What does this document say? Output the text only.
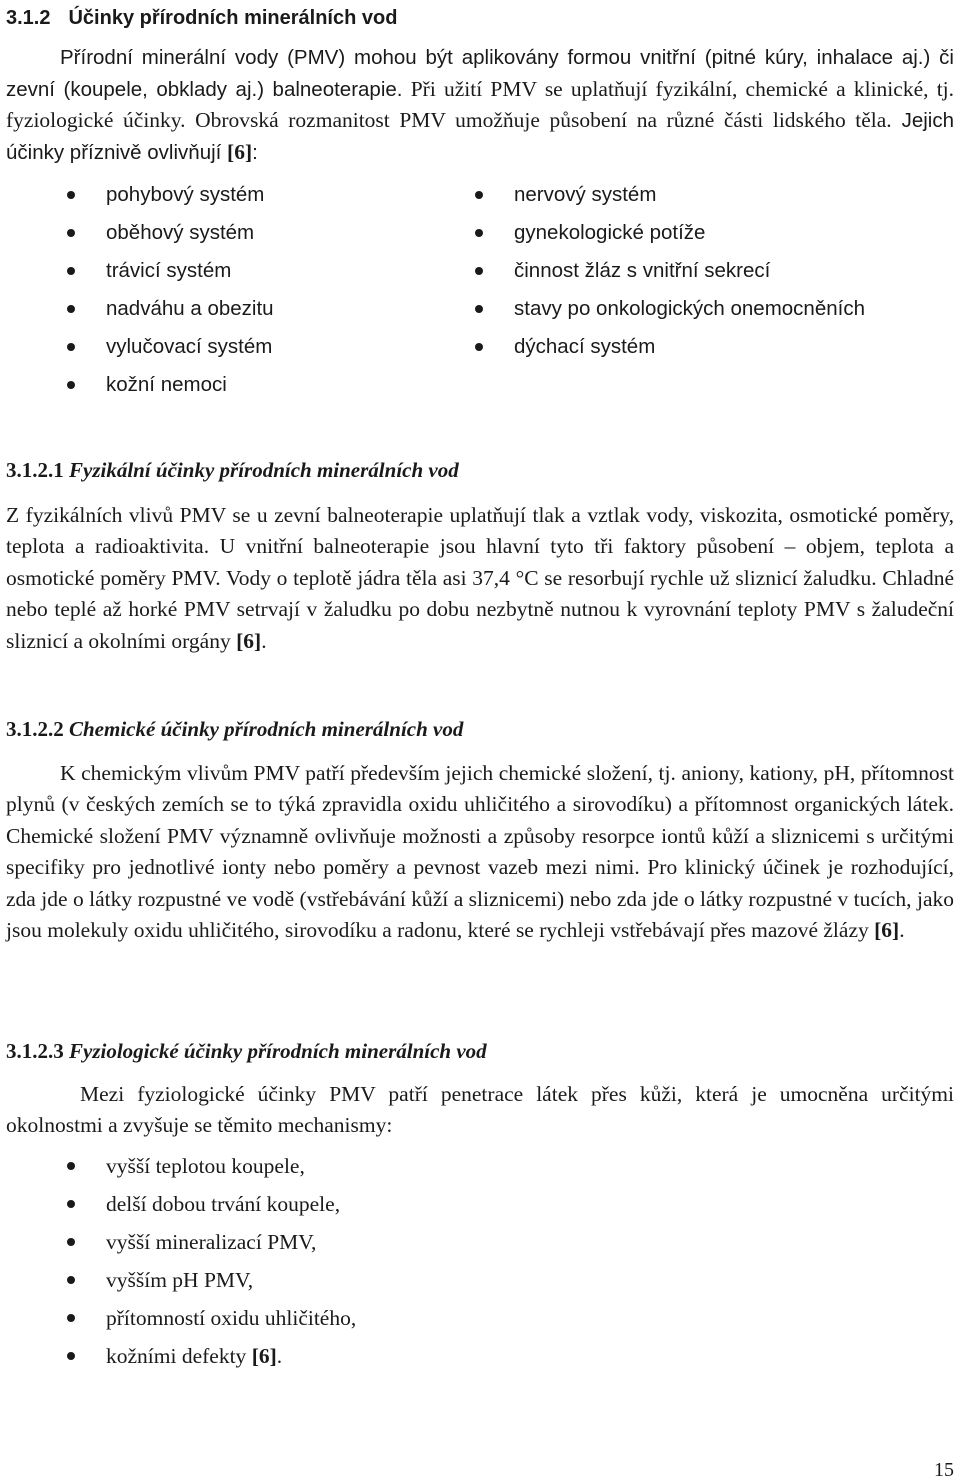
3.1.2 Účinky přírodních minerálních vod

Přírodní minerální vody (PMV) mohou být aplikovány formou vnitřní (pitné kúry, inhalace aj.) či zevní (koupele, obklady aj.) balneoterapie. Při užití PMV se uplatňují fyzikální, chemické a klinické, tj. fyziologické účinky. Obrovská rozmanitost PMV umožňuje působení na různé části lidského těla. Jejich účinky příznivě ovlivňují [6]:

pohybový systém
oběhový systém
trávicí systém
nadváhu a obezitu
vylučovací systém
kožní nemoci
nervový systém
gynekologické potíže
činnost žláz s vnitřní sekrecí
stavy po onkologických onemocněních
dýchací systém
3.1.2.1 Fyzikální účinky přírodních minerálních vod

Z fyzikálních vlivů PMV se u zevní balneoterapie uplatňují tlak a vztlak vody, viskozita, osmotické poměry, teplota a radioaktivita. U vnitřní balneoterapie jsou hlavní tyto tři faktory působení – objem, teplota a osmotické poměry PMV. Vody o teplotě jádra těla asi 37,4 °C se resorbují rychle už sliznicí žaludku. Chladné nebo teplé až horké PMV setrvají v žaludku po dobu nezbytně nutnou k vyrovnání teploty PMV s žaludeční sliznicí a okolními orgány [6].

3.1.2.2 Chemické účinky přírodních minerálních vod

K chemickým vlivům PMV patří především jejich chemické složení, tj. aniony, kationy, pH, přítomnost plynů (v českých zemích se to týká zpravidla oxidu uhličitého a sirovodíku) a přítomnost organických látek. Chemické složení PMV významně ovlivňuje možnosti a způsoby resorpce iontů kůží a sliznicemi s určitými specifiky pro jednotlivé ionty nebo poměry a pevnost vazeb mezi nimi. Pro klinický účinek je rozhodující, zda jde o látky rozpustné ve vodě (vstřebávání kůží a sliznicemi) nebo zda jde o látky rozpustné v tucích, jako jsou molekuly oxidu uhličitého, sirovodíku a radonu, které se rychleji vstřebávají přes mazové žlázy [6].

3.1.2.3 Fyziologické účinky přírodních minerálních vod

Mezi fyziologické účinky PMV patří penetrace látek přes kůži, která je umocněna určitými okolnostmi a zvyšuje se těmito mechanismy:

vyšší teplotou koupele,
delší dobou trvání koupele,
vyšší mineralizací PMV,
vyšším pH PMV,
přítomností oxidu uhličitého,
kožními defekty [6].
15
